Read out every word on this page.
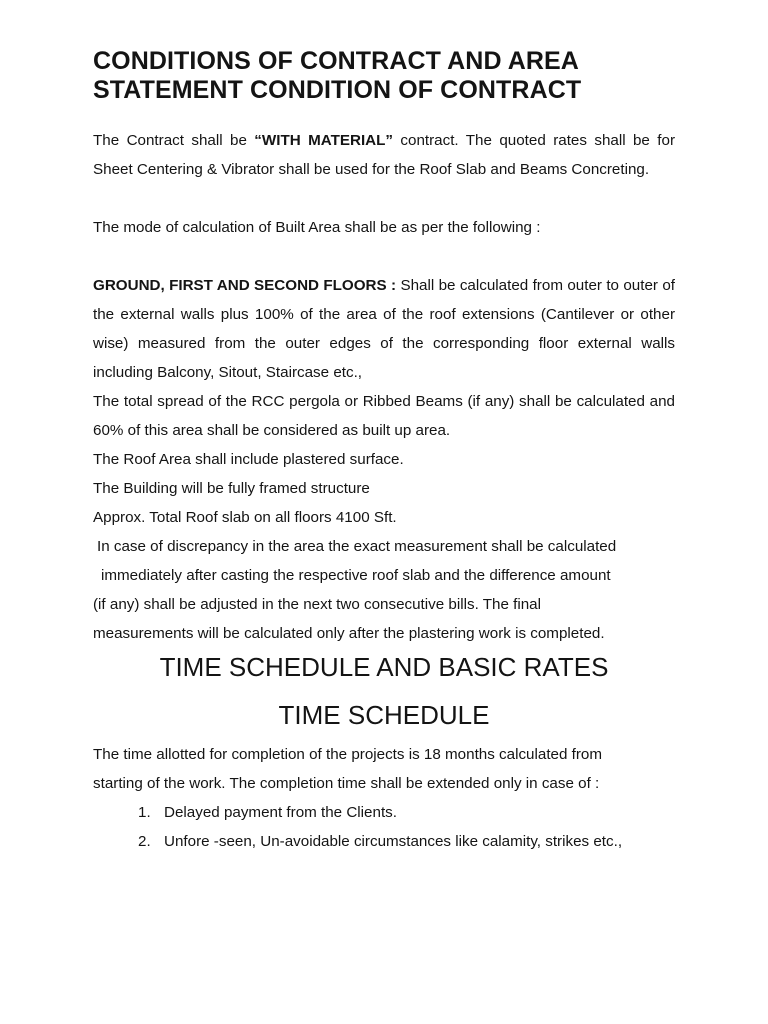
CONDITIONS OF CONTRACT AND AREA
STATEMENT CONDITION OF CONTRACT

The Contract shall be “WITH MATERIAL” contract. The quoted rates shall be for Sheet Centering & Vibrator shall be used for the Roof Slab and Beams Concreting.

The mode of calculation of Built Area shall be as per the following :

GROUND, FIRST AND SECOND FLOORS : Shall be calculated from outer to outer of the external walls plus 100% of the area of the roof extensions (Cantilever or other wise) measured from the outer edges of the corresponding floor external walls including Balcony, Sitout, Staircase etc.,

The total spread of the RCC pergola or Ribbed Beams (if any) shall be calculated and 60% of this area shall be considered as built up area.

The Roof Area shall include plastered surface.

The Building will be fully framed structure

Approx. Total Roof slab on all floors 4100 Sft.

In case of discrepancy in the area the exact measurement shall be calculated

immediately after casting the respective roof slab and the difference amount

(if any) shall be adjusted in the next two consecutive bills. The final

measurements will be calculated only after the plastering work is completed.

TIME SCHEDULE AND BASIC RATES
TIME SCHEDULE

The time allotted for completion of the projects is 18 months calculated from

starting of the work. The completion time shall be extended only in case of :

1. Delayed payment from the Clients.
2. Unfore -seen, Un-avoidable circumstances like calamity, strikes etc.,
